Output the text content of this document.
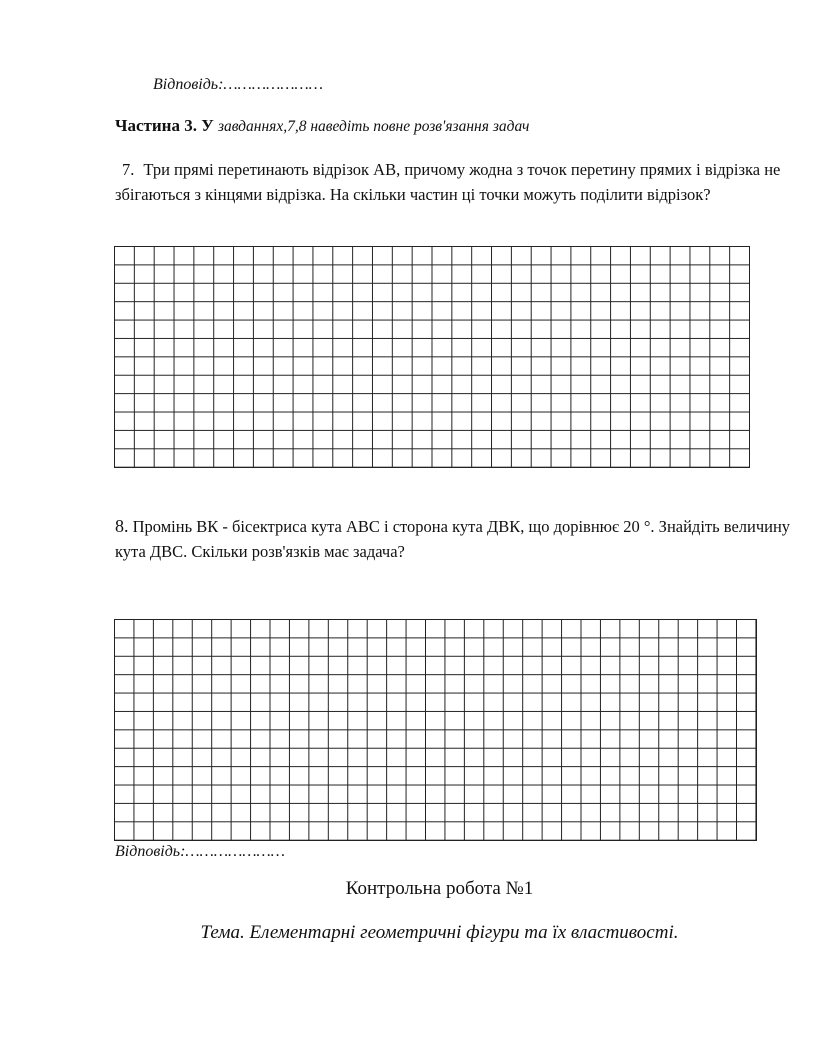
Відповідь:…………………
Частина 3. У завданнях,7,8 наведіть повне розв'язання задач
7. Три прямі перетинають відрізок АВ, причому жодна з точок перетину прямих і відрізка не збігаються з кінцями відрізка. На скільки частин ці точки можуть поділити відрізок?
8. Промінь ВК - бісектриса кута АВС і сторона кута ДВК, що дорівнює 20 °. Знайдіть величину кута ДВС. Скільки розв'язків має задача?
Відповідь:…………………
Контрольна робота №1
Тема. Елементарні геометричні фігури та їх властивості.
